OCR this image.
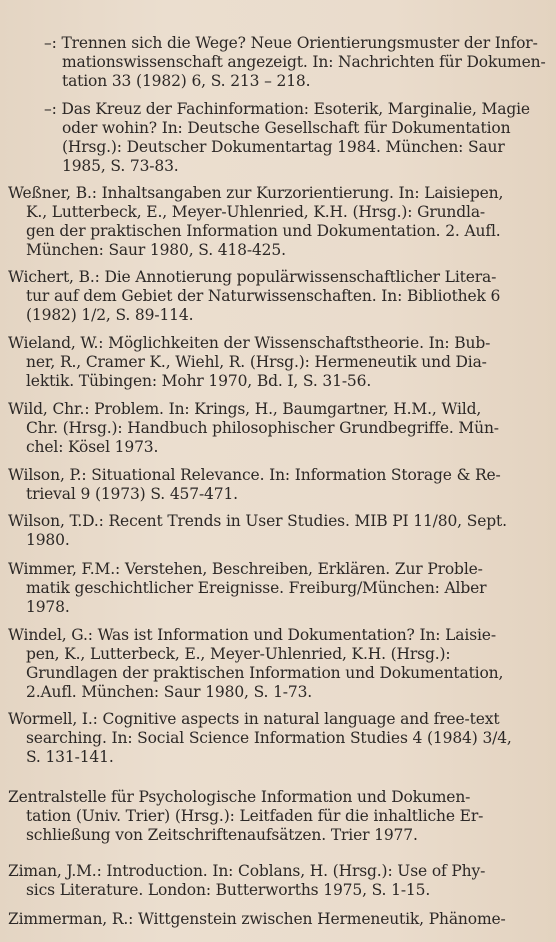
–: Trennen sich die Wege? Neue Orientierungsmuster der Infor-
mationswissenschaft angezeigt. In: Nachrichten für Dokumen-
tation 33 (1982) 6, S. 213 – 218.
–: Das Kreuz der Fachinformation: Esoterik, Marginalie, Magie
oder wohin? In: Deutsche Gesellschaft für Dokumentation
(Hrsg.): Deutscher Dokumentartag 1984. München: Saur
1985, S. 73-83.
Weßner, B.: Inhaltsangaben zur Kurzorientierung. In: Laisiepen,
K., Lutterbeck, E., Meyer-Uhlenried, K.H. (Hrsg.): Grundla-
gen der praktischen Information und Dokumentation. 2. Aufl.
München: Saur 1980, S. 418-425.
Wichert, B.: Die Annotierung populärwissenschaftlicher Litera-
tur auf dem Gebiet der Naturwissenschaften. In: Bibliothek 6
(1982) 1/2, S. 89-114.
Wieland, W.: Möglichkeiten der Wissenschaftstheorie. In: Bub-
ner, R., Cramer K., Wiehl, R. (Hrsg.): Hermeneutik und Dia-
lektik. Tübingen: Mohr 1970, Bd. I, S. 31-56.
Wild, Chr.: Problem. In: Krings, H., Baumgartner, H.M., Wild,
Chr. (Hrsg.): Handbuch philosophischer Grundbegriffe. Mün-
chel: Kösel 1973.
Wilson, P.: Situational Relevance. In: Information Storage & Re-
trieval 9 (1973) S. 457-471.
Wilson, T.D.: Recent Trends in User Studies. MIB PI 11/80, Sept.
1980.
Wimmer, F.M.: Verstehen, Beschreiben, Erklären. Zur Proble-
matik geschichtlicher Ereignisse. Freiburg/München: Alber
1978.
Windel, G.: Was ist Information und Dokumentation? In: Laisie-
pen, K., Lutterbeck, E., Meyer-Uhlenried, K.H. (Hrsg.):
Grundlagen der praktischen Information und Dokumentation,
2.Aufl. München: Saur 1980, S. 1-73.
Wormell, I.: Cognitive aspects in natural language and free-text
searching. In: Social Science Information Studies 4 (1984) 3/4,
S. 131-141.
Zentralstelle für Psychologische Information und Dokumen-
tation (Univ. Trier) (Hrsg.): Leitfaden für die inhaltliche Er-
schließung von Zeitschriftenaufsätzen. Trier 1977.
Ziman, J.M.: Introduction. In: Coblans, H. (Hrsg.): Use of Phy-
sics Literature. London: Butterworths 1975, S. 1-15.
Zimmerman, R.: Wittgenstein zwischen Hermeneutik, Phänome-
